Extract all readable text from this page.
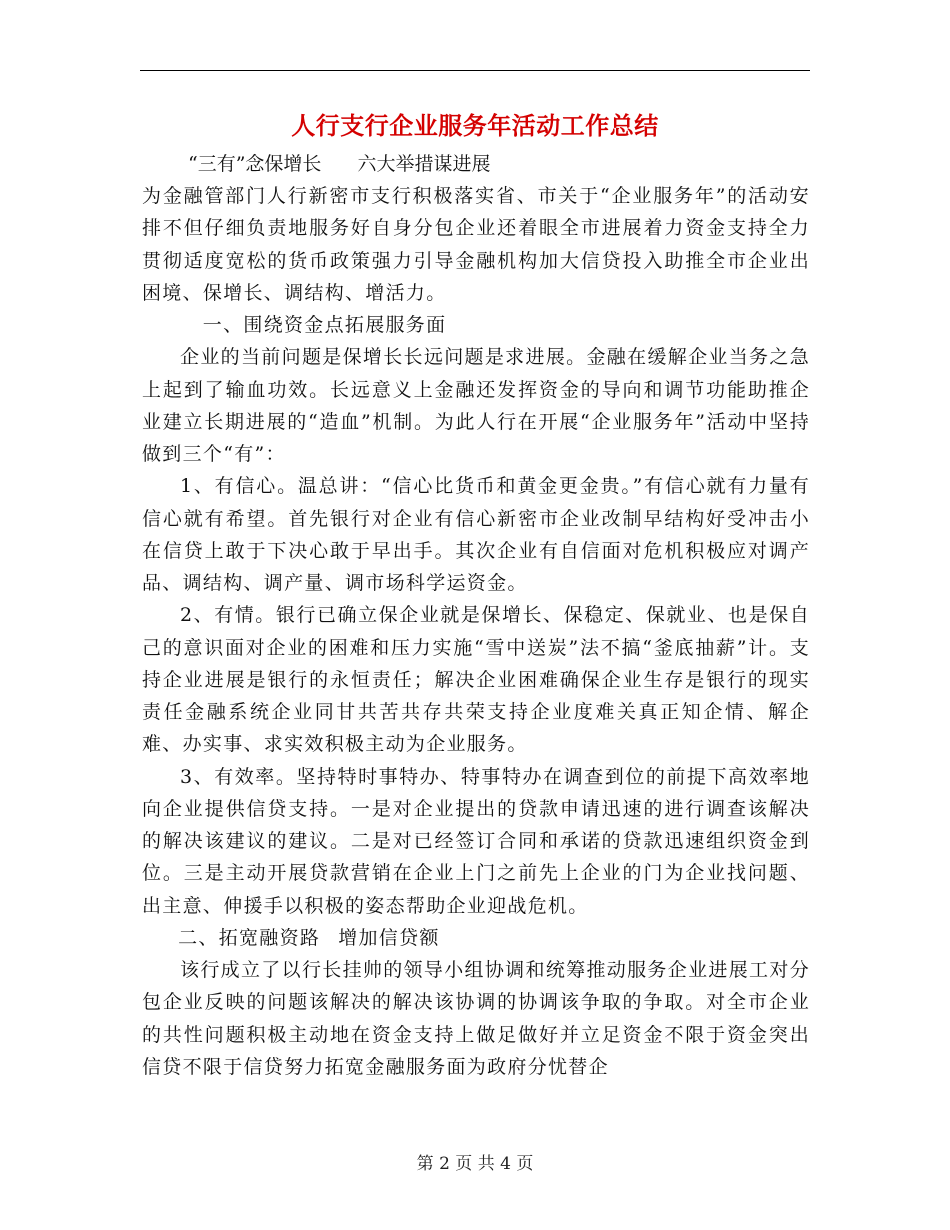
人行支行企业服务年活动工作总结
“三有”念保增长 六大举措谋进展

为金融管部门人行新密市支行积极落实省、市关于“企业服务年”的活动安排不但仔细负责地服务好自身分包企业还着眼全市进展着力资金支持全力贯彻适度宽松的货币政策强力引导金融机构加大信贷投入助推全市企业出困境、保增长、调结构、增活力。

一、围绕资金点拓展服务面

企业的当前问题是保增长长远问题是求进展。金融在缓解企业当务之急上起到了输血功效。长远意义上金融还发挥资金的导向和调节功能助推企业建立长期进展的“造血”机制。为此人行在开展“企业服务年”活动中坚持做到三个“有”：

1、有信心。温总讲：“信心比货币和黄金更金贵。”有信心就有力量有信心就有希望。首先银行对企业有信心新密市企业改制早结构好受冲击小在信贷上敢于下决心敢于早出手。其次企业有自信面对危机积极应对调产品、调结构、调产量、调市场科学运资金。

2、有情。银行已确立保企业就是保增长、保稳定、保就业、也是保自己的意识面对企业的困难和压力实施“雪中送炭”法不搞“釜底抽薪”计。支持企业进展是银行的永恒责任；解决企业困难确保企业生存是银行的现实责任金融系统企业同甘共苦共存共荣支持企业度难关真正知企情、解企难、办实事、求实效积极主动为企业服务。

3、有效率。坚持特时事特办、特事特办在调查到位的前提下高效率地向企业提供信贷支持。一是对企业提出的贷款申请迅速的进行调查该解决的解决该建议的建议。二是对已经签订合同和承诺的贷款迅速组织资金到位。三是主动开展贷款营销在企业上门之前先上企业的门为企业找问题、出主意、伸援手以积极的姿态帮助企业迎战危机。

二、拓宽融资路 增加信贷额

该行成立了以行长挂帅的领导小组协调和统筹推动服务企业进展工对分包企业反映的问题该解决的解决该协调的协调该争取的争取。对全市企业的共性问题积极主动地在资金支持上做足做好并立足资金不限于资金突出信贷不限于信贷努力拓宽金融服务面为政府分忧替企

第 2 页 共 4 页
